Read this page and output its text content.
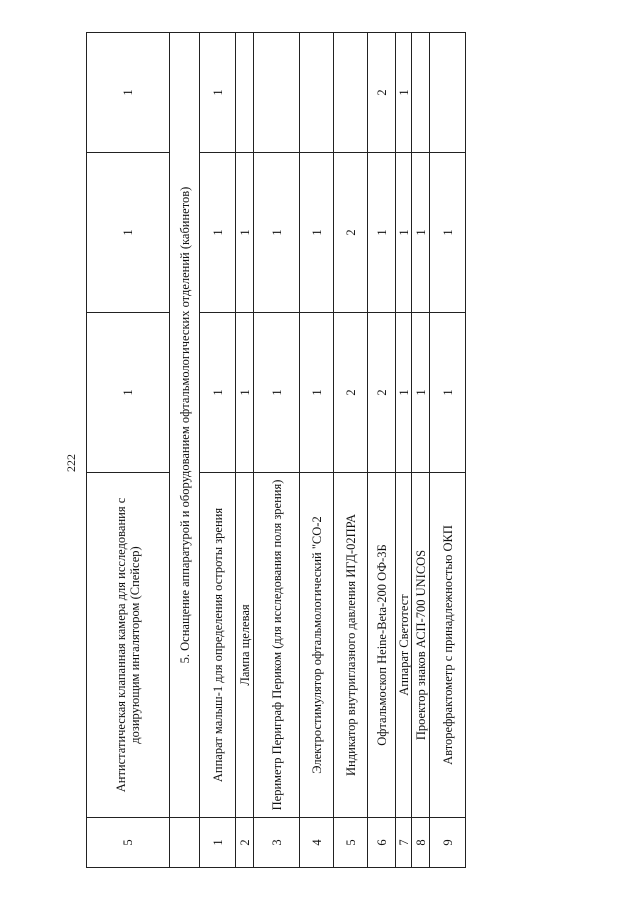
222
5	Антистатическая клапанная камера для исследования с дозирующим ингалятором (Спейсер)	1	1	1
	5. Оснащение аппаратурой и оборудованием офтальмологических отделений (кабинетов)			
1	Аппарат малыш-1 для определения остроты зрения	1	1	1
2	Лампа щелевая	1	1	
3	Периметр Периграф Периком (для исследования поля зрения)	1	1	
4	Электростимулятор офтальмологический "СО-2	1	1	
5	Индикатор внутриглазного давления ИГД-02ПРА	2	2	
6	Офтальмоскоп Heine-Beta-200 ОФ-3Б	2	1	2
7	Аппарат Светотест	1	1	1
8	Проектор знаков АСП-700 UNICOS	1	1	
9	Авторефрактометр с принадлежностью ОКП	1	1	
